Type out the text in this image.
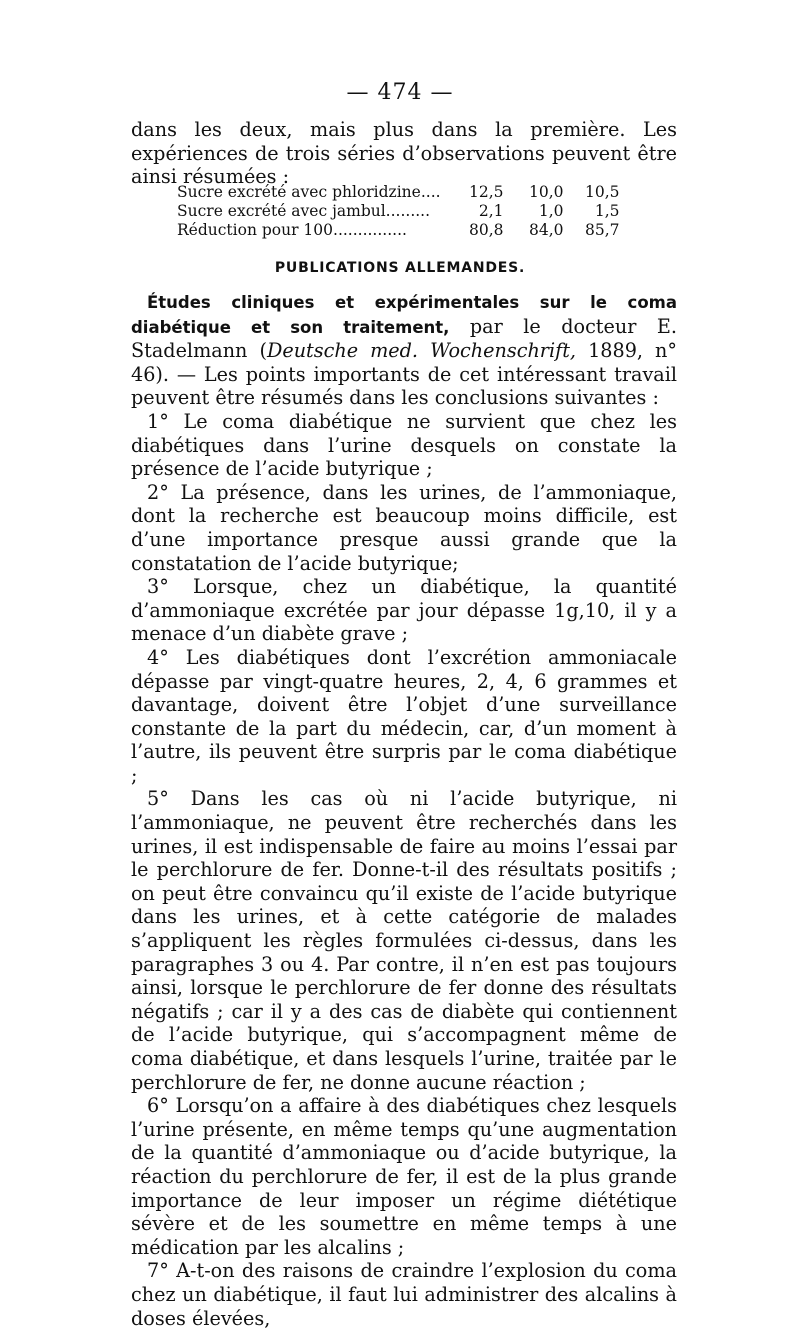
— 474 —

dans les deux, mais plus dans la première. Les expériences de trois séries d’observations peuvent être ainsi résumées :

Sucre excrété avec phloridzine....	12,5	10,0	10,5
Sucre excrété avec jambul.........	2,1	1,0	1,5
Réduction pour 100...............	80,8	84,0	85,7
PUBLICATIONS ALLEMANDES.

Études cliniques et expérimentales sur le coma diabétique et son traitement, par le docteur E. Stadelmann (Deutsche med. Wochenschrift, 1889, n° 46). — Les points importants de cet intéressant travail peuvent être résumés dans les conclusions suivantes :

1° Le coma diabétique ne survient que chez les diabétiques dans l’urine desquels on constate la présence de l’acide butyrique ;

2° La présence, dans les urines, de l’ammoniaque, dont la recherche est beaucoup moins difficile, est d’une importance presque aussi grande que la constatation de l’acide butyrique;

3° Lorsque, chez un diabétique, la quantité d’ammoniaque excrétée par jour dépasse 1g,10, il y a menace d’un diabète grave ;

4° Les diabétiques dont l’excrétion ammoniacale dépasse par vingt-quatre heures, 2, 4, 6 grammes et davantage, doivent être l’objet d’une surveillance constante de la part du médecin, car, d’un moment à l’autre, ils peuvent être surpris par le coma diabétique ;

5° Dans les cas où ni l’acide butyrique, ni l’ammoniaque, ne peuvent être recherchés dans les urines, il est indispensable de faire au moins l’essai par le perchlorure de fer. Donne-t-il des résultats positifs ; on peut être convaincu qu’il existe de l’acide butyrique dans les urines, et à cette catégorie de malades s’appliquent les règles formulées ci-dessus, dans les paragraphes 3 ou 4. Par contre, il n’en est pas toujours ainsi, lorsque le perchlorure de fer donne des résultats négatifs ; car il y a des cas de diabète qui contiennent de l’acide butyrique, qui s’accompagnent même de coma diabétique, et dans lesquels l’urine, traitée par le perchlorure de fer, ne donne aucune réaction ;

6° Lorsqu’on a affaire à des diabétiques chez lesquels l’urine présente, en même temps qu’une augmentation de la quantité d’ammoniaque ou d’acide butyrique, la réaction du perchlorure de fer, il est de la plus grande importance de leur imposer un régime diététique sévère et de les soumettre en même temps à une médication par les alcalins ;

7° A-t-on des raisons de craindre l’explosion du coma chez un diabétique, il faut lui administrer des alcalins à doses élevées,
